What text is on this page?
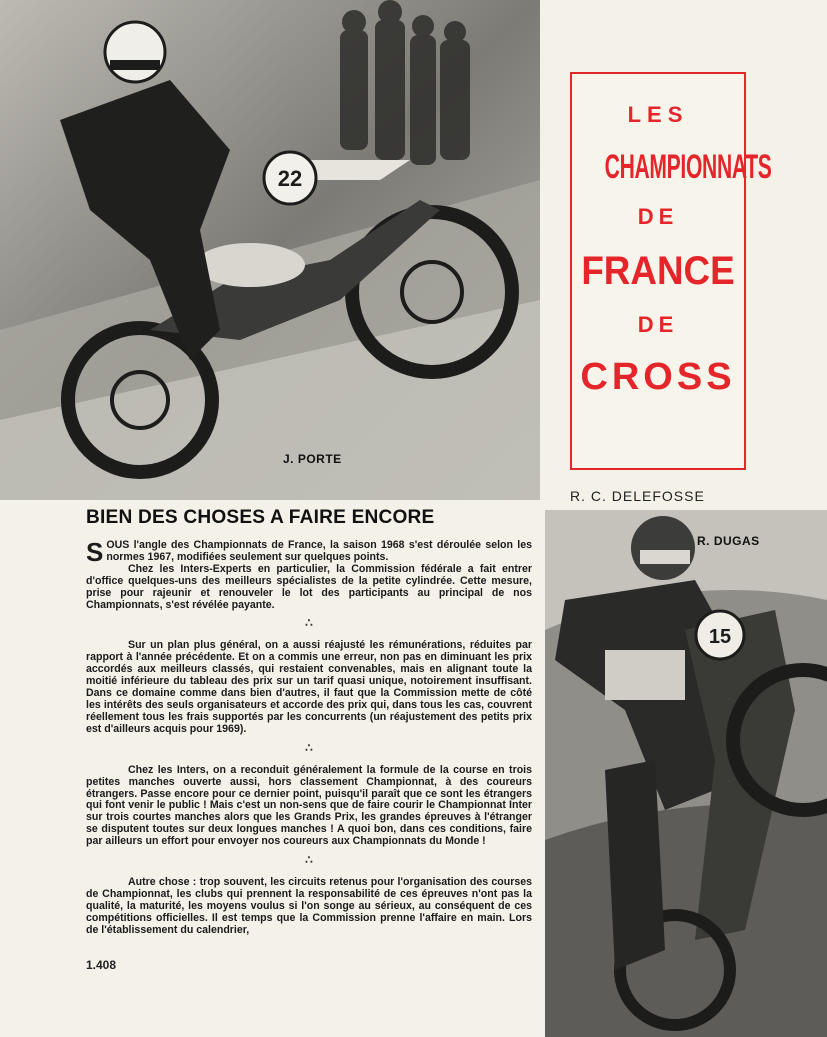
22
J. PORTE
LES
CHAMPIONNATS
DE
FRANCE
DE
CROSS
R. C. DELEFOSSE
15
R. DUGAS
BIEN DES CHOSES A FAIRE ENCORE

SOUS l'angle des Championnats de France, la saison 1968 s'est déroulée selon les normes 1967, modifiées seulement sur quelques points.

Chez les Inters-Experts en particulier, la Commission fédérale a fait entrer d'office quelques-uns des meilleurs spécialistes de la petite cylindrée. Cette mesure, prise pour rajeunir et renouveler le lot des participants au principal de nos Championnats, s'est révélée payante.

∴

Sur un plan plus général, on a aussi réajusté les rémunérations, réduites par rapport à l'année précédente. Et on a commis une erreur, non pas en diminuant les prix accordés aux meilleurs classés, qui restaient convenables, mais en alignant toute la moitié inférieure du tableau des prix sur un tarif quasi unique, notoirement insuffisant. Dans ce domaine comme dans bien d'autres, il faut que la Commission mette de côté les intérêts des seuls organisateurs et accorde des prix qui, dans tous les cas, couvrent réellement tous les frais supportés par les concurrents (un réajustement des petits prix est d'ailleurs acquis pour 1969).

∴

Chez les Inters, on a reconduit généralement la formule de la course en trois petites manches ouverte aussi, hors classement Championnat, à des coureurs étrangers. Passe encore pour ce dernier point, puisqu'il paraît que ce sont les étrangers qui font venir le public ! Mais c'est un non-sens que de faire courir le Championnat Inter sur trois courtes manches alors que les Grands Prix, les grandes épreuves à l'étranger se disputent toutes sur deux longues manches ! A quoi bon, dans ces conditions, faire par ailleurs un effort pour envoyer nos coureurs aux Championnats du Monde !

∴

Autre chose : trop souvent, les circuits retenus pour l'organisation des courses de Championnat, les clubs qui prennent la responsabilité de ces épreuves n'ont pas la qualité, la maturité, les moyens voulus si l'on songe au sérieux, au conséquent de ces compétitions officielles. Il est temps que la Commission prenne l'affaire en main. Lors de l'établissement du calendrier,

1.408
